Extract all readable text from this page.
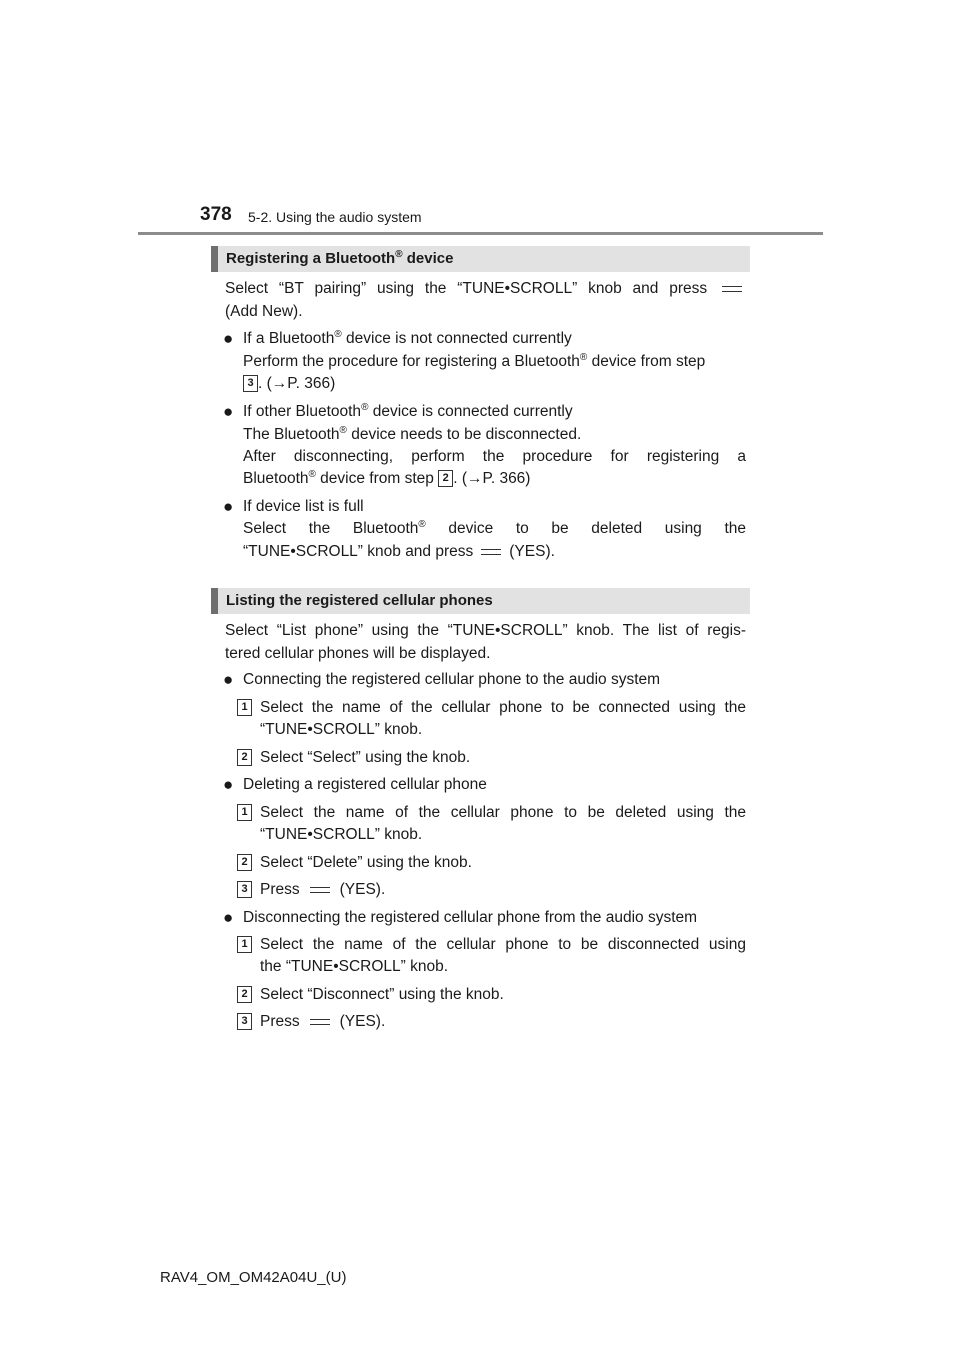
378 5-2. Using the audio system
Registering a Bluetooth® device
Select “BT pairing” using the “TUNE•SCROLL” knob and press
(Add New).
● If a Bluetooth® device is not connected currently
Perform the procedure for registering a Bluetooth® device from step
3 . (→P. 366)
● If other Bluetooth® device is connected currently
The Bluetooth® device needs to be disconnected.
After disconnecting, perform the procedure for registering a
Bluetooth® device from step 2 . (→P. 366)
● If device list is full
Select the Bluetooth® device to be deleted using the
“TUNE•SCROLL” knob and press (YES).
Listing the registered cellular phones
Select “List phone” using the “TUNE•SCROLL” knob. The list of regis-
tered cellular phones will be displayed.
● Connecting the registered cellular phone to the audio system
1 Select the name of the cellular phone to be connected using the
“TUNE•SCROLL” knob.
2 Select “Select” using the knob.
● Deleting a registered cellular phone
1 Select the name of the cellular phone to be deleted using the
“TUNE•SCROLL” knob.
2 Select “Delete” using the knob.
3 Press	(YES).
● Disconnecting the registered cellular phone from the audio system
1 Select the name of the cellular phone to be disconnected using
the “TUNE•SCROLL” knob.
2 Select “Disconnect” using the knob.
3 Press	(YES).
RAV4_OM_OM42A04U_(U)
